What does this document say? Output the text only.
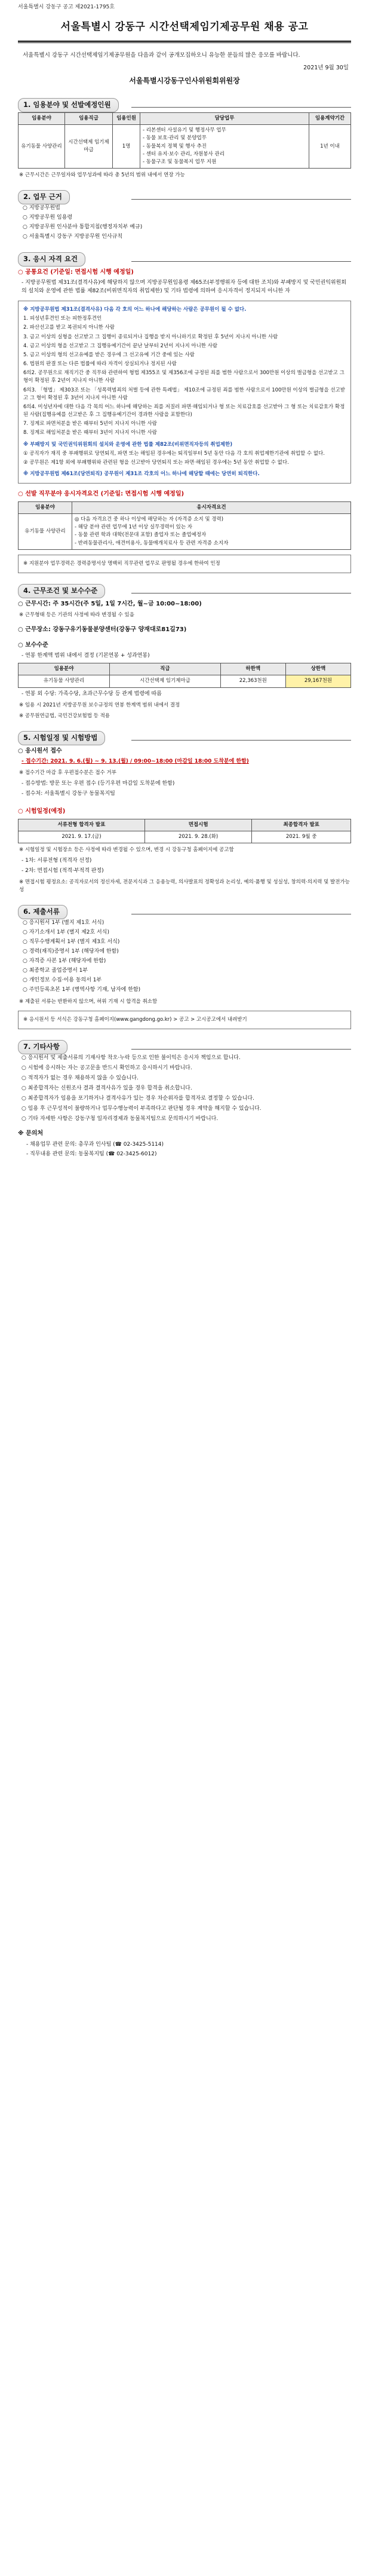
서울특별시 강동구 공고 제2021-1795호
서울특별시 강동구 시간선택제임기제공무원 채용 공고

서울특별시 강동구 시간선택제임기제공무원을 다음과 같이 공개모집하오니 유능한 분들의 많은 응모를 바랍니다.

2021년 9월 30일
서울특별시강동구인사위원회위원장
1. 임용분야 및 선발예정인원
임용분야	임용직급	임용인원	담당업무	임용계약기간
유기동물 사양관리	시간선택제 임기제마급	1명	- 리본센터 사설유기 및 행정사무 업무
- 동물 보호·관리 및 분양업무
- 동물복지 정책 및 행사 추진
- 센터 유지·보수 관리, 자원봉사 관리
- 동물구조 및 동물복지 업무 지원	1년 이내

※ 근무시간은 근무일자와 업무성과에 따라 총 5년의 범위 내에서 연장 가능

2. 업무 근거
○ 지방공무원법
○ 지방공무원 임용령
○ 지방공무원 인사분야 통합지침(행정자치부 예규)
○ 서울특별시 강동구 지방공무원 인사규칙
3. 응시 자격 요건
○ 공통요건 (기준일: 면접시험 시행 예정일)

- 지방공무원법 제31조(결격사유)에 해당하지 않으며 지방공무원임용령 제65조(부정행위자 등에 대한 조치)와 부패방지 및 국민권익위원회의 설치와 운영에 관한 법률 제82조(비위면직자의 취업제한) 및 기타 법령에 의하여 응시자격이 정지되지 아니한 자

※ 지방공무원법 제31조(결격사유) 다음 각 호의 어느 하나에 해당하는 사람은 공무원이 될 수 없다.

1. 피성년후견인 또는 피한정후견인

2. 파산선고를 받고 복권되지 아니한 사람

3. 금고 이상의 실형을 선고받고 그 집행이 종료되거나 집행을 받지 아니하기로 확정된 후 5년이 지나지 아니한 사람

4. 금고 이상의 형을 선고받고 그 집행유예기간이 끝난 날부터 2년이 지나지 아니한 사람

5. 금고 이상의 형의 선고유예를 받은 경우에 그 선고유예 기간 중에 있는 사람

6. 법원의 판결 또는 다른 법률에 따라 자격이 상실되거나 정지된 사람

6의2. 공무원으로 재직기간 중 직무와 관련하여 형법 제355조 및 제356조에 규정된 죄를 범한 사람으로서 300만원 이상의 벌금형을 선고받고 그 형이 확정된 후 2년이 지나지 아니한 사람

6의3. 「형법」 제303조 또는 「성폭력범죄의 처벌 등에 관한 특례법」 제10조에 규정된 죄를 범한 사람으로서 100만원 이상의 벌금형을 선고받고 그 형이 확정된 후 3년이 지나지 아니한 사람

6의4. 미성년자에 대한 다음 각 목의 어느 하나에 해당하는 죄를 저질러 파면·해임되거나 형 또는 치료감호를 선고받아 그 형 또는 치료감호가 확정된 사람(집행유예를 선고받은 후 그 집행유예기간이 경과한 사람을 포함한다)

7. 징계로 파면처분을 받은 때부터 5년이 지나지 아니한 사람

8. 징계로 해임처분을 받은 때부터 3년이 지나지 아니한 사람

※ 부패방지 및 국민권익위원회의 설치와 운영에 관한 법률 제82조(비위면직자등의 취업제한)

① 공직자가 재직 중 부패행위로 당연퇴직, 파면 또는 해임된 경우에는 퇴직일부터 5년 동안 다음 각 호의 취업제한기관에 취업할 수 없다.

② 공무원은 제1항 외에 부패행위와 관련된 형을 선고받아 당연퇴직 또는 파면·해임된 경우에는 5년 동안 취업할 수 없다.

※ 지방공무원법 제61조(당연퇴직) 공무원이 제31조 각호의 어느 하나에 해당할 때에는 당연히 퇴직한다.

○ 선발 직무분야 응시자격요건 (기준일: 면접시험 시행 예정일)
임용분야	응시자격요건
유기동물 사양관리	◎ 다음 자격요건 중 하나 이상에 해당하는 자 (자격증 소지 및 경력)
- 해당 분야 관련 업무에 1년 이상 실무경력이 있는 자
- 동물 관련 학과 대학(전문대 포함) 졸업자 또는 졸업예정자
- 반려동물관리사, 애견미용사, 동물매개치료사 등 관련 자격증 소지자

※ 지원분야 업무경력은 경력증명서상 명백히 직무관련 업무로 판명될 경우에 한하여 인정

4. 근무조건 및 보수수준
○ 근무시간: 주 35시간(주 5일, 1일 7시간, 월~금 10:00~18:00)

※ 근무형태 등은 기관의 사정에 따라 변경될 수 있음

○ 근무장소: 강동구유기동물분양센터(강동구 양재대로81길73)
○ 보수수준

- 연봉 한계액 범위 내에서 결정 (기본연봉 + 성과연봉)

임용분야	직급	하한액	상한액
유기동물 사양관리	시간선택제 임기제마급	22,363천원	29,167천원

- 연봉 외 수당: 가족수당, 초과근무수당 등 관계 법령에 따름

※ 임용 시 2021년 지방공무원 보수규정의 연봉 한계액 범위 내에서 결정

※ 공무원연금법, 국민건강보험법 등 적용

5. 시험일정 및 시험방법
○ 응시원서 접수

- 접수기간: 2021. 9. 6.(월) ~ 9. 13.(월) / 09:00~18:00 (마감일 18:00 도착분에 한함)

※ 접수기간 마감 후 우편접수분은 접수 거부

- 접수방법: 방문 또는 우편 접수 (등기우편 마감일 도착분에 한함)

- 접수처: 서울특별시 강동구 동물복지팀

○ 시험일정(예정)
서류전형 합격자 발표	면접시험	최종합격자 발표
2021. 9. 17.(금)	2021. 9. 28.(화)	2021. 9월 중

※ 시험일정 및 시험장소 등은 사정에 따라 변경될 수 있으며, 변경 시 강동구청 홈페이지에 공고함

- 1차: 서류전형 (적격자 선정)

- 2차: 면접시험 (적격·부적격 판정)

※ 면접시험 평정요소: 공직자로서의 정신자세, 전문지식과 그 응용능력, 의사발표의 정확성과 논리성, 예의·품행 및 성실성, 창의력·의지력 및 발전가능성

6. 제출서류
○ 응시원서 1부 (별지 제1호 서식)
○ 자기소개서 1부 (별지 제2호 서식)
○ 직무수행계획서 1부 (별지 제3호 서식)
○ 경력(재직)증명서 1부 (해당자에 한함)
○ 자격증 사본 1부 (해당자에 한함)
○ 최종학교 졸업증명서 1부
○ 개인정보 수집·이용 동의서 1부
○ 주민등록초본 1부 (병역사항 기재, 남자에 한함)

※ 제출된 서류는 반환하지 않으며, 허위 기재 시 합격을 취소함

※ 응시원서 등 서식은 강동구청 홈페이지(www.gangdong.go.kr) > 공고 > 고시공고에서 내려받기

7. 기타사항

○ 응시원서 및 제출서류의 기재사항 착오·누락 등으로 인한 불이익은 응시자 책임으로 합니다.

○ 시험에 응시하는 자는 공고문을 반드시 확인하고 응시하시기 바랍니다.

○ 적격자가 없는 경우 채용하지 않을 수 있습니다.

○ 최종합격자는 신원조사 결과 결격사유가 있을 경우 합격을 취소합니다.

○ 최종합격자가 임용을 포기하거나 결격사유가 있는 경우 차순위자를 합격자로 결정할 수 있습니다.

○ 임용 후 근무성적이 불량하거나 업무수행능력이 부족하다고 판단될 경우 계약을 해지할 수 있습니다.

○ 기타 자세한 사항은 강동구청 일자리경제과 동물복지팀으로 문의하시기 바랍니다.

※ 문의처

- 채용업무 관련 문의: 총무과 인사팀 (☎ 02-3425-5114)

- 직무내용 관련 문의: 동물복지팀 (☎ 02-3425-6012)
